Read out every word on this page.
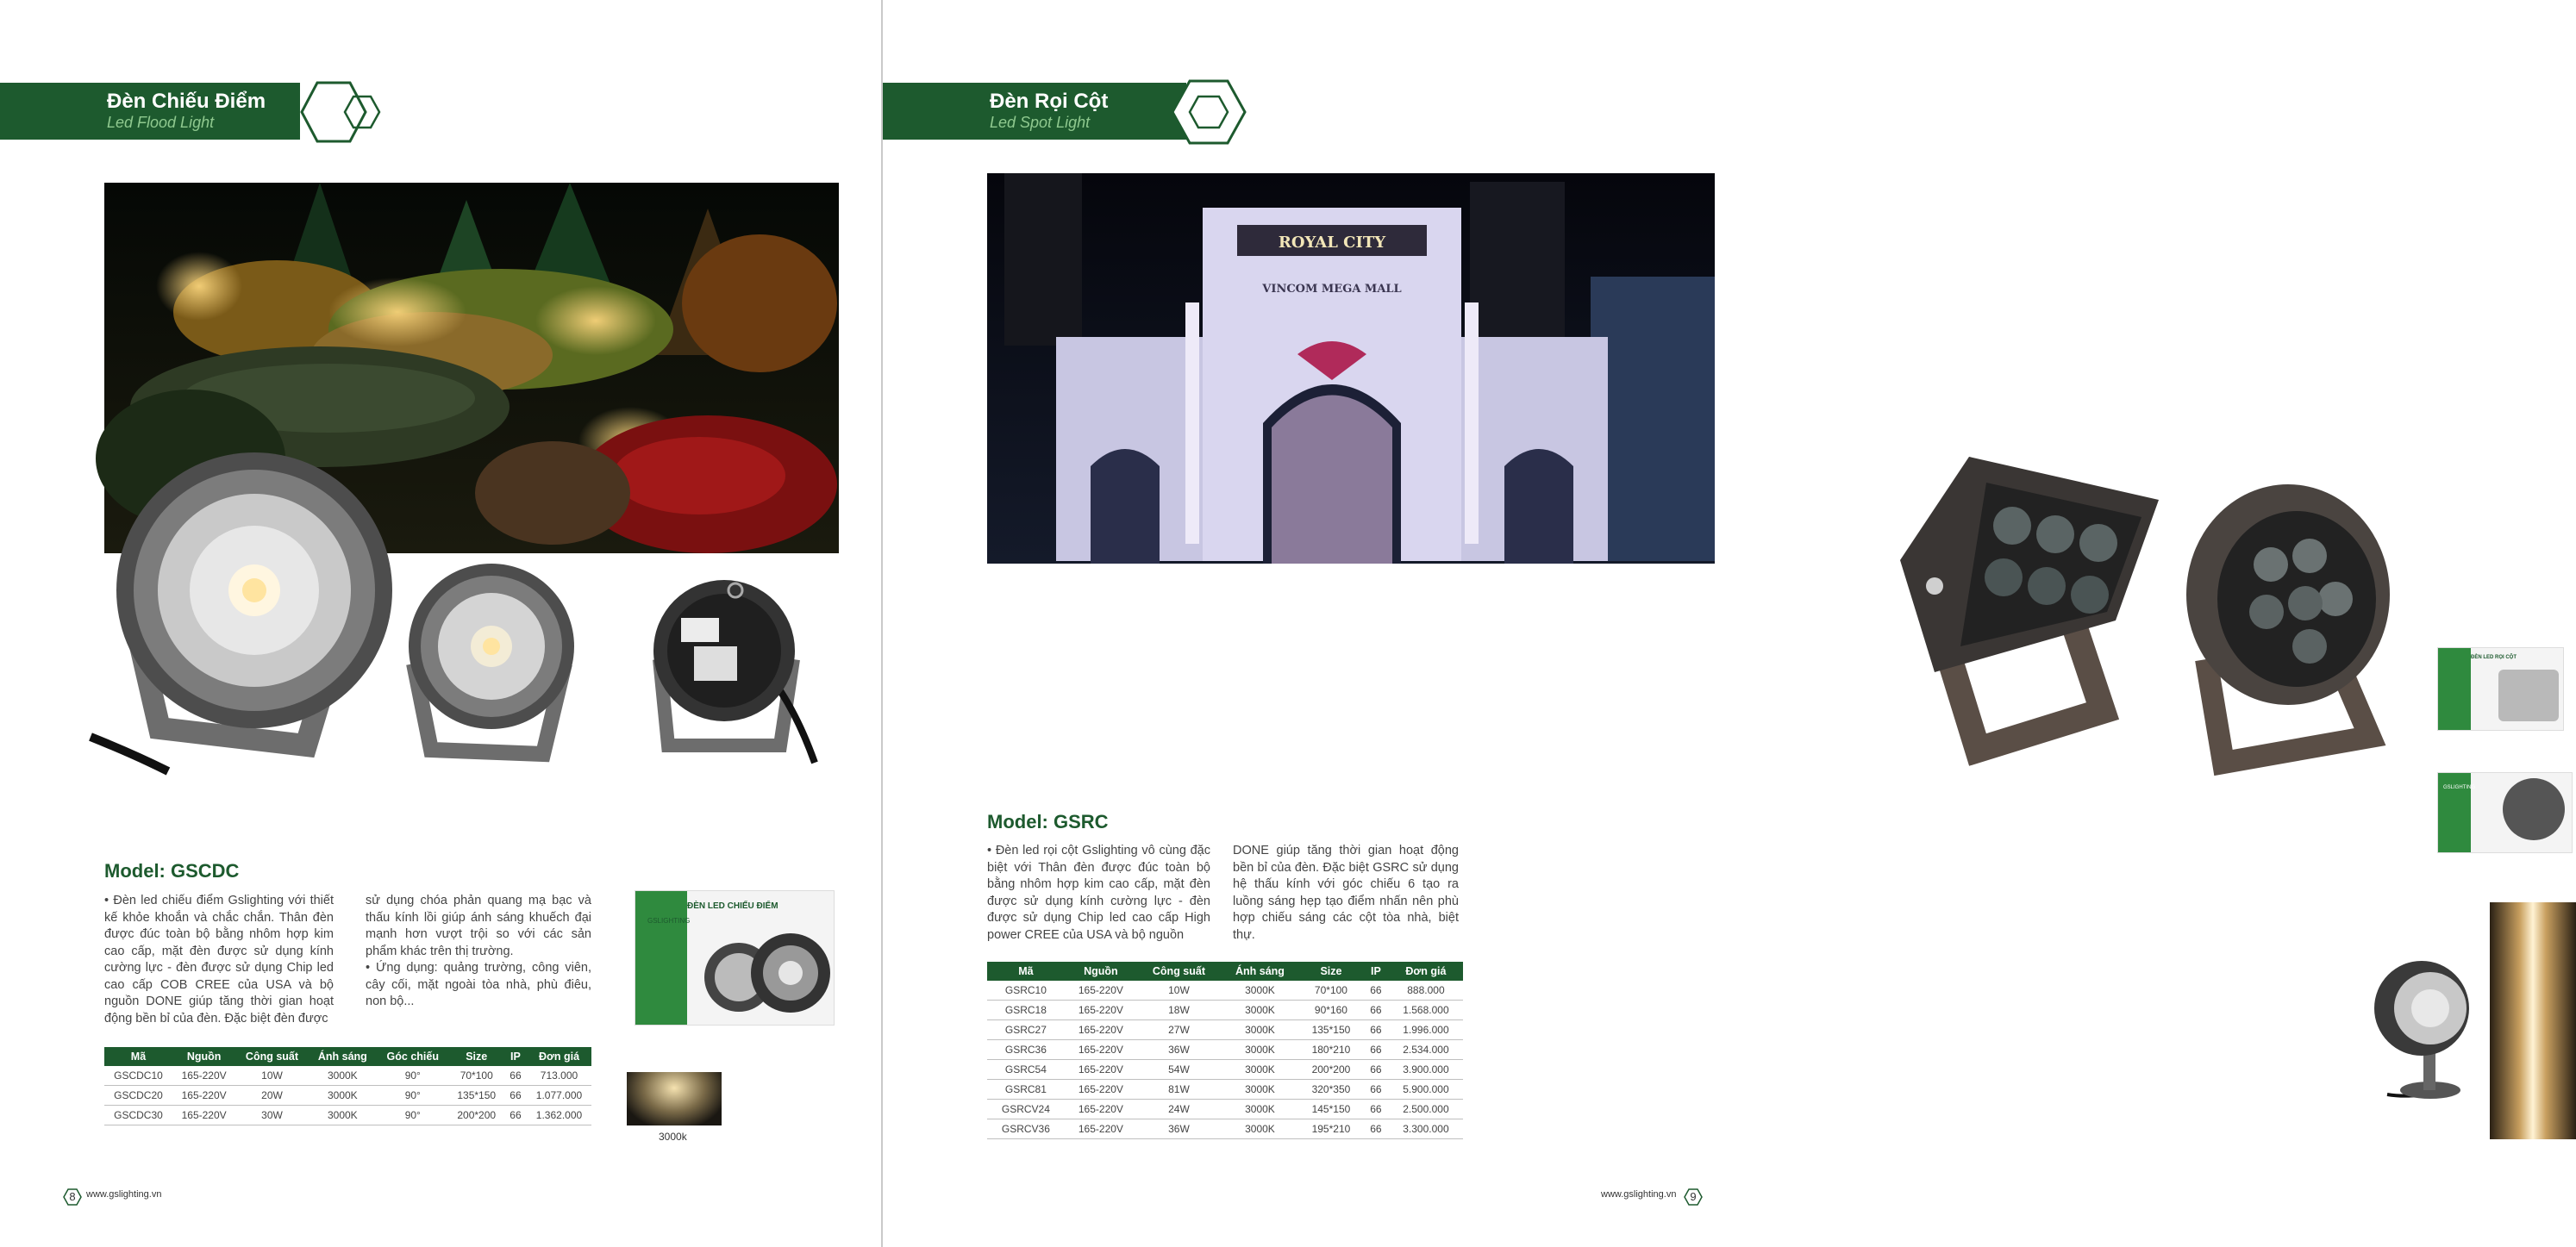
Đèn Chiếu Điểm
Led Flood Light
Model: GSCDC

• Đèn led chiếu điểm Gslighting với thiết kế khỏe khoắn và chắc chắn. Thân đèn được đúc toàn bộ bằng nhôm hợp kim cao cấp, mặt đèn được sử dụng kính cường lực - đèn được sử dụng Chip led cao cấp COB CREE của USA và bộ nguồn DONE giúp tăng thời gian hoạt động bền bỉ của đèn. Đặc biệt đèn được

sử dụng chóa phản quang mạ bạc và thấu kính lồi giúp ánh sáng khuếch đại mạnh hơn vượt trội so với các sản phẩm khác trên thị trường.

• Ứng dụng: quảng trường, công viên, cây cối, mặt ngoài tòa nhà, phù điêu, non bộ...

ĐÈN LED CHIẾU ĐIỂM
GSLIGHTING
Mã	Nguồn	Công suất	Ánh sáng	Góc chiếu	Size	IP	Đơn giá
GSCDC10	165-220V	10W	3000K	90°	70*100	66	713.000
GSCDC20	165-220V	20W	3000K	90°	135*150	66	1.077.000
GSCDC30	165-220V	30W	3000K	90°	200*200	66	1.362.000
3000k
8	www.gslighting.vn
Đèn Rọi Cột
Led Spot Light
ROYAL CITY
VINCOM MEGA MALL
ĐÈN LED RỌI CỘT
GSLIGHTING
Model: GSRC

• Đèn led rọi cột Gslighting vô cùng đặc biệt với Thân đèn được đúc toàn bộ bằng nhôm hợp kim cao cấp, mặt đèn được sử dụng kính cường lực - đèn được sử dụng Chip led cao cấp High power CREE của USA và bộ nguồn

DONE giúp tăng thời gian hoạt động bền bỉ của đèn. Đặc biệt GSRC sử dụng hệ thấu kính với góc chiếu 6 tạo ra luồng sáng hẹp tạo điểm nhấn nên phù hợp chiếu sáng các cột tòa nhà, biệt thự.

Mã	Nguồn	Công suất	Ánh sáng	Size	IP	Đơn giá
GSRC10	165-220V	10W	3000K	70*100	66	888.000
GSRC18	165-220V	18W	3000K	90*160	66	1.568.000
GSRC27	165-220V	27W	3000K	135*150	66	1.996.000
GSRC36	165-220V	36W	3000K	180*210	66	2.534.000
GSRC54	165-220V	54W	3000K	200*200	66	3.900.000
GSRC81	165-220V	81W	3000K	320*350	66	5.900.000
GSRCV24	165-220V	24W	3000K	145*150	66	2.500.000
GSRCV36	165-220V	36W	3000K	195*210	66	3.300.000
www.gslighting.vn	9
